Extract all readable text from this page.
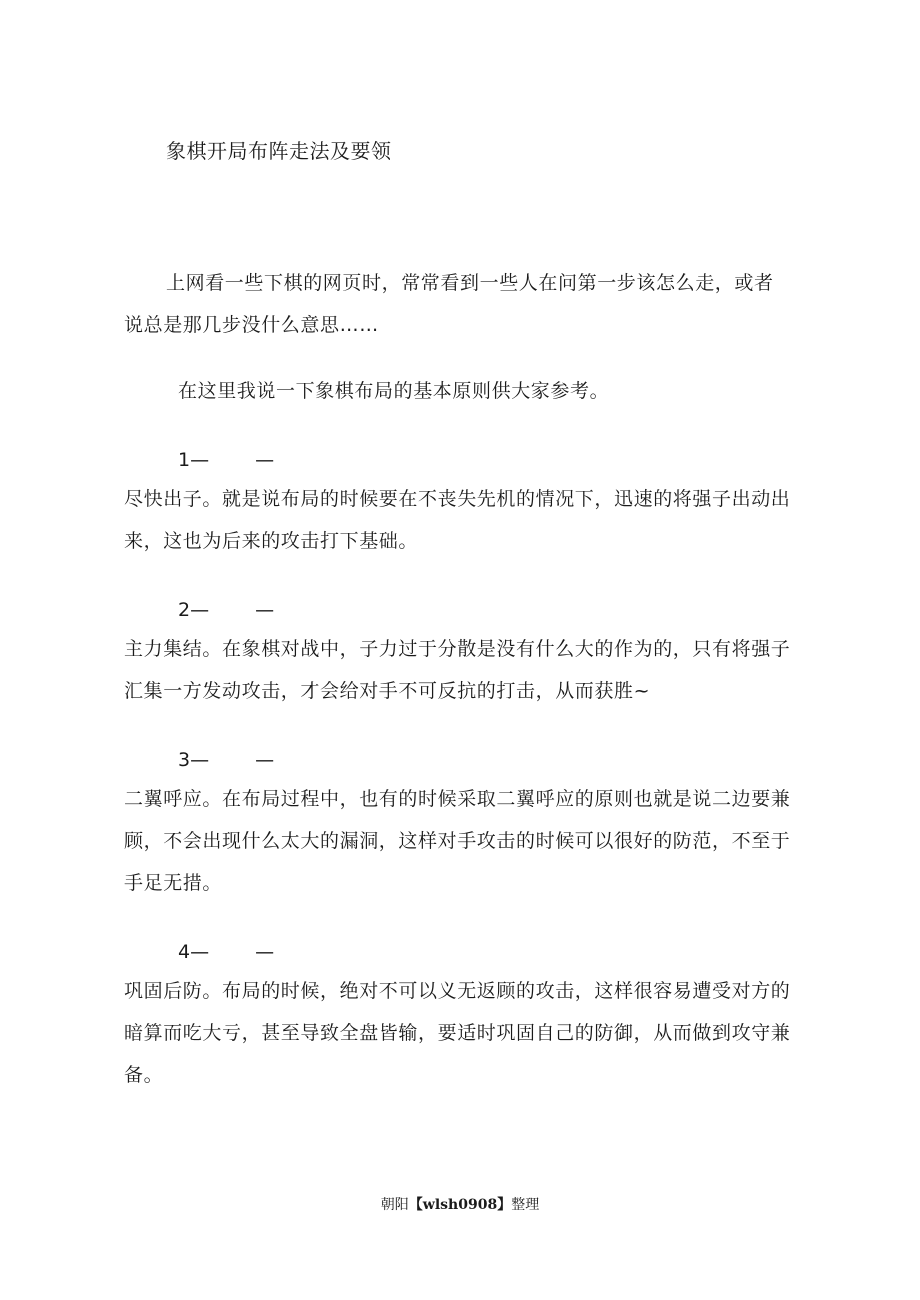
象棋开局布阵走法及要领

上网看一些下棋的网页时，常常看到一些人在问第一步该怎么走，或者说总是那几步没什么意思……

在这里我说一下象棋布局的基本原则供大家参考。
1— —

尽快出子。就是说布局的时候要在不丧失先机的情况下，迅速的将强子出动出来，这也为后来的攻击打下基础。

2— —

主力集结。在象棋对战中，子力过于分散是没有什么大的作为的，只有将强子汇集一方发动攻击，才会给对手不可反抗的打击，从而获胜~

3— —

二翼呼应。在布局过程中，也有的时候采取二翼呼应的原则也就是说二边要兼顾，不会出现什么太大的漏洞，这样对手攻击的时候可以很好的防范，不至于手足无措。

4— —

巩固后防。布局的时候，绝对不可以义无返顾的攻击，这样很容易遭受对方的暗算而吃大亏，甚至导致全盘皆输，要适时巩固自己的防御，从而做到攻守兼备。

朝阳【wlsh0908】整理
